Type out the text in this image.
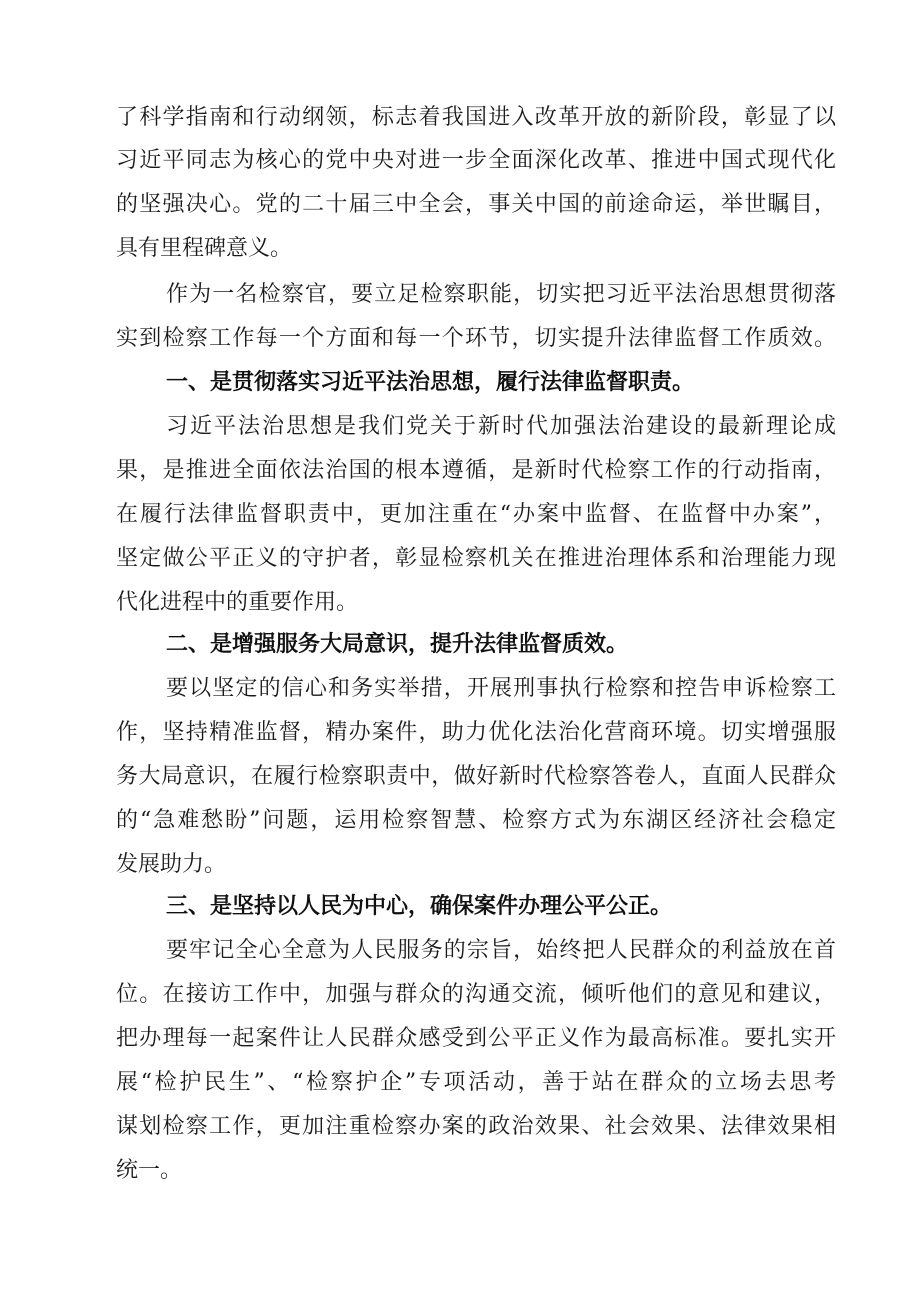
了科学指南和行动纲领，标志着我国进入改革开放的新阶段，彰显了以
习近平同志为核心的党中央对进一步全面深化改革、推进中国式现代化
的坚强决心。党的二十届三中全会，事关中国的前途命运，举世瞩目，
具有里程碑意义。
作为一名检察官，要立足检察职能，切实把习近平法治思想贯彻落
实到检察工作每一个方面和每一个环节，切实提升法律监督工作质效。
一、是贯彻落实习近平法治思想，履行法律监督职责。
习近平法治思想是我们党关于新时代加强法治建设的最新理论成
果，是推进全面依法治国的根本遵循，是新时代检察工作的行动指南，
在履行法律监督职责中，更加注重在“办案中监督、在监督中办案”，
坚定做公平正义的守护者，彰显检察机关在推进治理体系和治理能力现
代化进程中的重要作用。
二、是增强服务大局意识，提升法律监督质效。
要以坚定的信心和务实举措，开展刑事执行检察和控告申诉检察工
作，坚持精准监督，精办案件，助力优化法治化营商环境。切实增强服
务大局意识，在履行检察职责中，做好新时代检察答卷人，直面人民群众
的“急难愁盼”问题，运用检察智慧、检察方式为东湖区经济社会稳定
发展助力。
三、是坚持以人民为中心，确保案件办理公平公正。
要牢记全心全意为人民服务的宗旨，始终把人民群众的利益放在首
位。在接访工作中，加强与群众的沟通交流，倾听他们的意见和建议，
把办理每一起案件让人民群众感受到公平正义作为最高标准。要扎实开
展“检护民生”、“检察护企”专项活动，善于站在群众的立场去思考
谋划检察工作，更加注重检察办案的政治效果、社会效果、法律效果相
统一。
